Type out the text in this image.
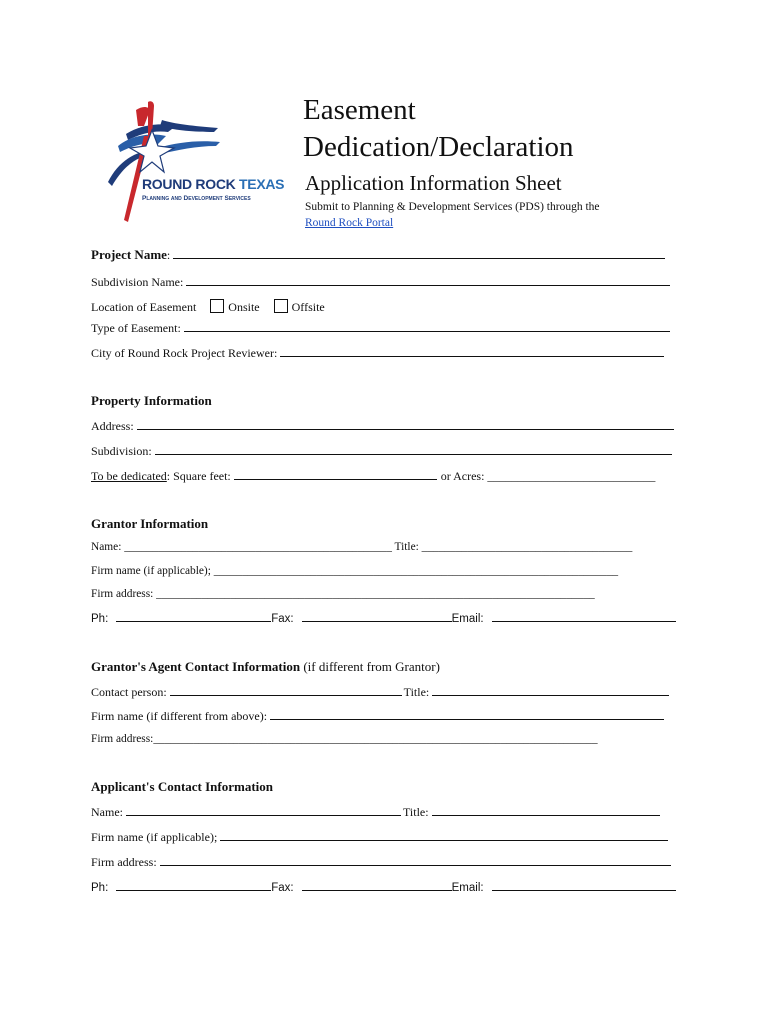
ROUND ROCK TEXAS
Planning and Development Services
Easement
Dedication/Declaration
Application Information Sheet
Submit to Planning & Development Services (PDS) through the
Round Rock Portal
Project Name :
Subdivision Name:
Location of Easement	Onsite	Offsite
Type of Easement:
City of Round Rock Project Reviewer:
Property Information
Address:
Subdivision:
To be dedicated : Square feet:	or Acres: ____________________________
Grantor Information
Name: _______________________________________________ Title: _____________________________________
Firm name (if applicable); _______________________________________________________________________
Firm address: _____________________________________________________________________________
Ph:	Fax:	Email:
Grantor's Agent Contact Information (if different from Grantor)
Contact person:	Title:
Firm name (if different from above):
Firm address:______________________________________________________________________________
Applicant's Contact Information
Name:	Title:
Firm name (if applicable);
Firm address:
Ph:	Fax:	Email:
